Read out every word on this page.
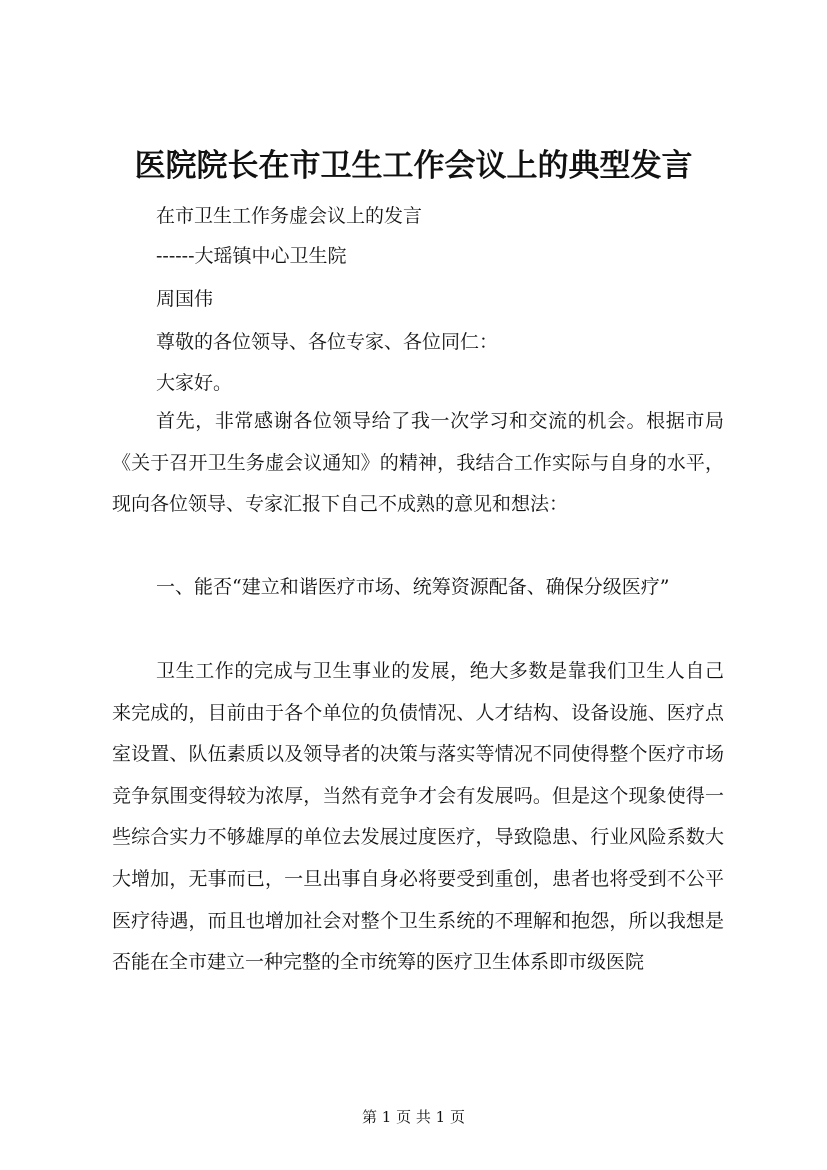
医院院长在市卫生工作会议上的典型发言
在市卫生工作务虚会议上的发言
------大瑶镇中心卫生院
周国伟
尊敬的各位领导、各位专家、各位同仁：
大家好。
首先，非常感谢各位领导给了我一次学习和交流的机会。根据市局《关于召开卫生务虚会议通知》的精神，我结合工作实际与自身的水平，现向各位领导、专家汇报下自己不成熟的意见和想法：
一、能否“建立和谐医疗市场、统筹资源配备、确保分级医疗”
卫生工作的完成与卫生事业的发展，绝大多数是靠我们卫生人自己来完成的，目前由于各个单位的负债情况、人才结构、设备设施、医疗点室设置、队伍素质以及领导者的决策与落实等情况不同使得整个医疗市场竞争氛围变得较为浓厚，当然有竞争才会有发展吗。但是这个现象使得一些综合实力不够雄厚的单位去发展过度医疗，导致隐患、行业风险系数大大增加，无事而已，一旦出事自身必将要受到重创，患者也将受到不公平医疗待遇，而且也增加社会对整个卫生系统的不理解和抱怨，所以我想是否能在全市建立一种完整的全市统筹的医疗卫生体系即市级医院
第 1 页 共 1 页
